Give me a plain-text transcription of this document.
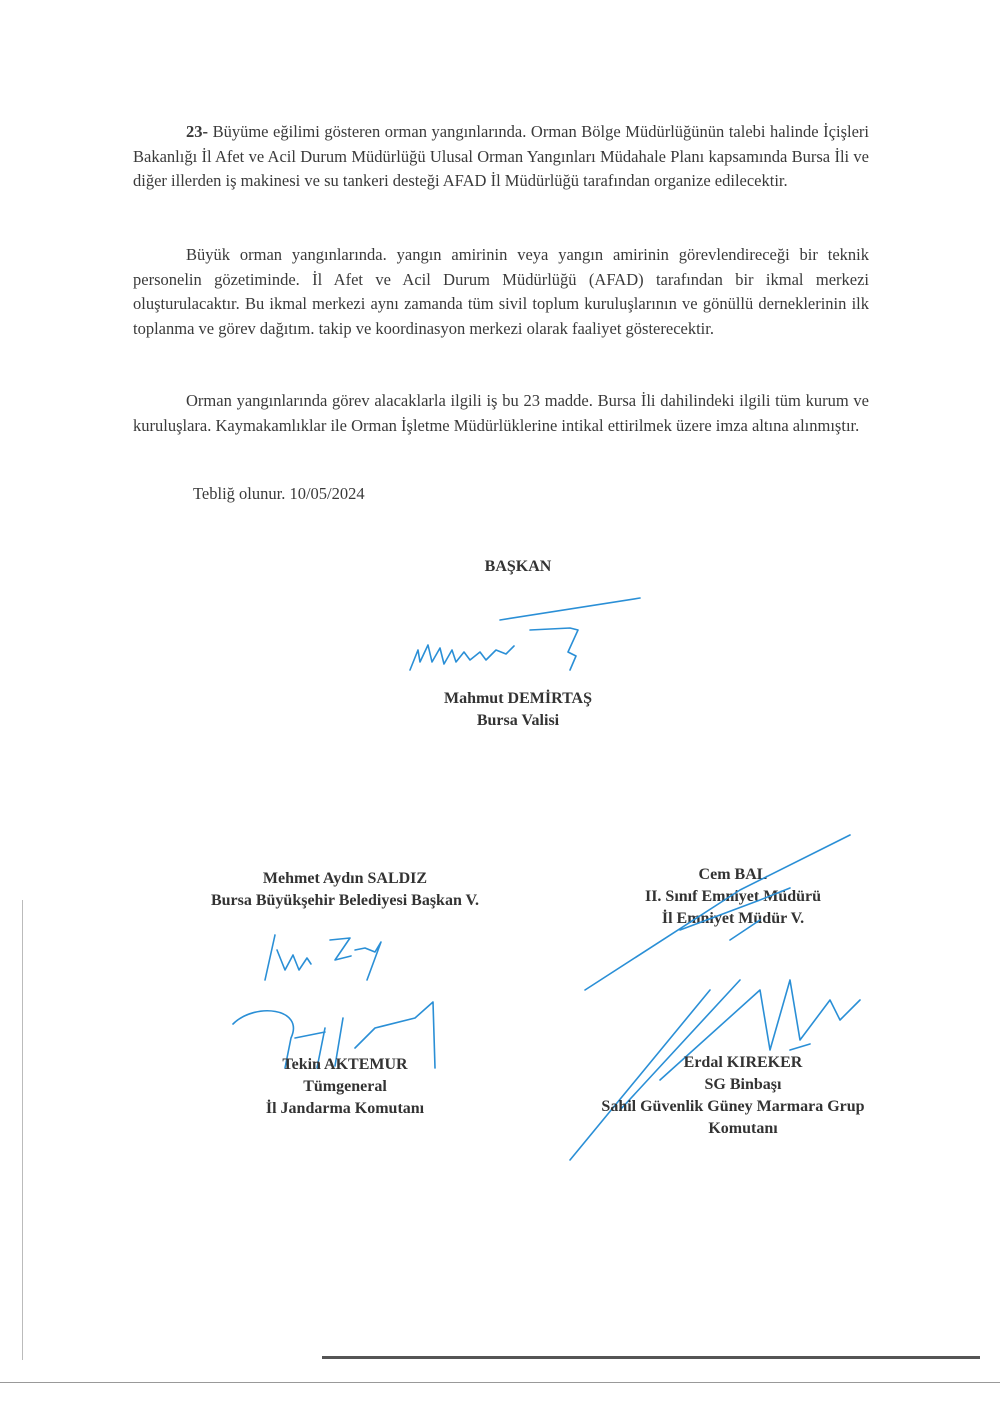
23- Büyüme eğilimi gösteren orman yangınlarında. Orman Bölge Müdürlüğünün talebi halinde İçişleri Bakanlığı İl Afet ve Acil Durum Müdürlüğü Ulusal Orman Yangınları Müdahale Planı kapsamında Bursa İli ve diğer illerden iş makinesi ve su tankeri desteği AFAD İl Müdürlüğü tarafından organize edilecektir.

Büyük orman yangınlarında. yangın amirinin veya yangın amirinin görevlendireceği bir teknik personelin gözetiminde. İl Afet ve Acil Durum Müdürlüğü (AFAD) tarafından bir ikmal merkezi oluşturulacaktır. Bu ikmal merkezi aynı zamanda tüm sivil toplum kuruluşlarının ve gönüllü derneklerinin ilk toplanma ve görev dağıtım. takip ve koordinasyon merkezi olarak faaliyet gösterecektir.

Orman yangınlarında görev alacaklarla ilgili iş bu 23 madde. Bursa İli dahilindeki ilgili tüm kurum ve kuruluşlara. Kaymakamlıklar ile Orman İşletme Müdürlüklerine intikal ettirilmek üzere imza altına alınmıştır.

Tebliğ olunur. 10/05/2024

BAŞKAN
Mahmut DEMİRTAŞ
Bursa Valisi
Mehmet Aydın SALDIZ
Bursa Büyükşehir Belediyesi Başkan V.
Cem BAL
II. Sınıf Emniyet Müdürü
İl Emniyet Müdür V.
Tekin AKTEMUR
Tümgeneral
İl Jandarma Komutanı
Erdal KIREKER
SG Binbaşı
Sahil Güvenlik Güney Marmara Grup
Komutanı
